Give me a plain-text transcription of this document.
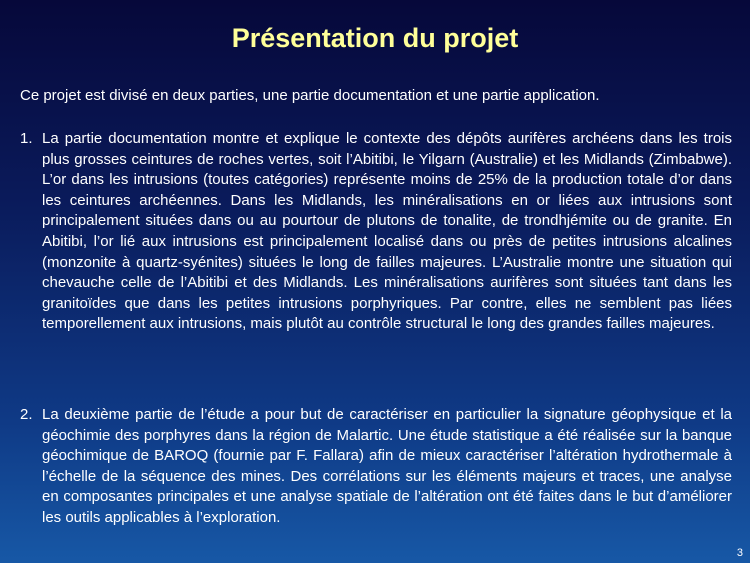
Présentation du projet

Ce projet est divisé en deux parties, une partie documentation et une partie application.

1. La partie documentation montre et explique le contexte des dépôts aurifères archéens dans les trois plus grosses ceintures de roches vertes, soit l’Abitibi, le Yilgarn (Australie) et les Midlands (Zimbabwe). L’or dans les intrusions (toutes catégories) représente moins de 25% de la production totale d’or dans les ceintures archéennes. Dans les Midlands, les minéralisations en or liées aux intrusions sont principalement situées dans ou au pourtour de plutons de tonalite, de trondhjémite ou de granite. En Abitibi, l’or lié aux intrusions est principalement localisé dans ou près de petites intrusions alcalines (monzonite à quartz-syénites) situées le long de failles majeures. L’Australie montre une situation qui chevauche celle de l’Abitibi et des Midlands. Les minéralisations aurifères sont situées tant dans les granitoïdes que dans les petites intrusions porphyriques. Par contre, elles ne semblent pas liées temporellement aux intrusions, mais plutôt au contrôle structural le long des grandes failles majeures.
2. La deuxième partie de l’étude a pour but de caractériser en particulier la signature géophysique et la géochimie des porphyres dans la région de Malartic. Une étude statistique a été réalisée sur la banque géochimique de BAROQ (fournie par F. Fallara) afin de mieux caractériser l’altération hydrothermale à l’échelle de la séquence des mines. Des corrélations sur les éléments majeurs et traces, une analyse en composantes principales et une analyse spatiale de l’altération ont été faites dans le but d’améliorer les outils applicables à l’exploration.
3
